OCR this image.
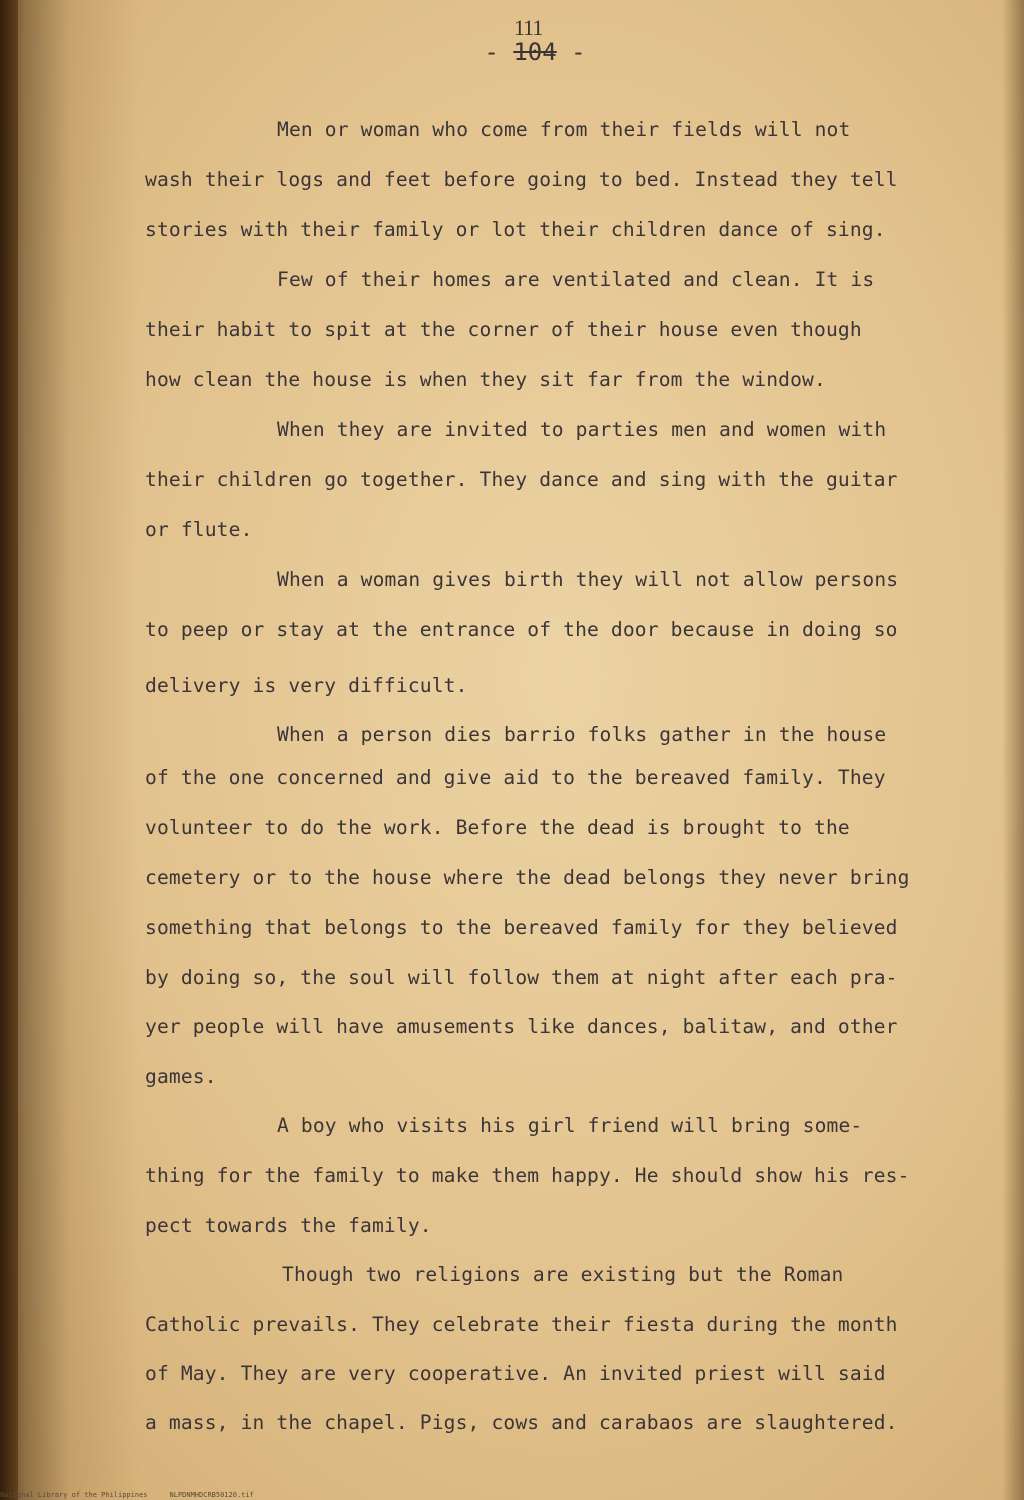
111
- 104 -
Men or woman who come from their fields will not
wash their logs and feet before going to bed. Instead they tell
stories with their family or lot their children dance of sing.
Few of their homes are ventilated and clean. It is
their habit to spit at the corner of their house even though
how clean the house is when they sit far from the window.
When they are invited to parties men and women with
their children go together. They dance and sing with the guitar
or flute.
When a woman gives birth they will not allow persons
to peep or stay at the entrance of the door because in doing so
delivery is very difficult.
When a person dies barrio folks gather in the house
of the one concerned and give aid to the bereaved family. They
volunteer to do the work. Before the dead is brought to the
cemetery or to the house where the dead belongs they never bring
something that belongs to the bereaved family for they believed
by doing so, the soul will follow them at night after each pra-
yer people will have amusements like dances, balitaw, and other
games.
A boy who visits his girl friend will bring some-
thing for the family to make them happy. He should show his res-
pect towards the family.
Though two religions are existing but the Roman
Catholic prevails. They celebrate their fiesta during the month
of May. They are very cooperative. An invited priest will said
a mass, in the chapel. Pigs, cows and carabaos are slaughtered.
National Library of the Philippines	NLPDNMHDCRB50120.tif
